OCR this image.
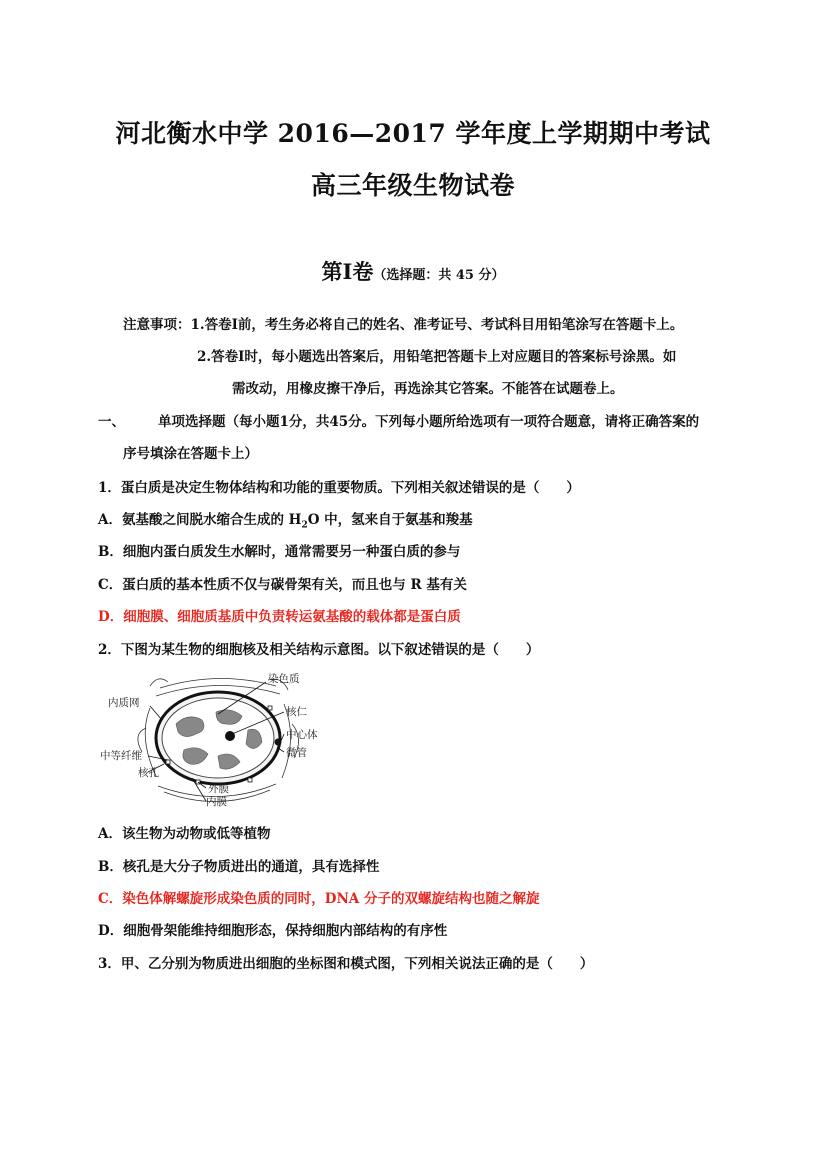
河北衡水中学 2016—2017 学年度上学期期中考试
高三年级生物试卷
第Ⅰ卷（选择题：共 45 分）
注意事项：1.答卷Ⅰ前，考生务必将自己的姓名、准考证号、考试科目用铅笔涂写在答题卡上。
2.答卷Ⅰ时，每小题选出答案后，用铅笔把答题卡上对应题目的答案标号涂黑。如
需改动，用橡皮擦干净后，再选涂其它答案。不能答在试题卷上。
一、 单项选择题（每小题1分，共45分。下列每小题所给选项有一项符合题意，请将正确答案的
序号填涂在答题卡上）
1．蛋白质是决定生物体结构和功能的重要物质。下列相关叙述错误的是（　　）
A．氨基酸之间脱水缩合生成的 $H_2O$ 中，氢来自于氨基和羧基
B．细胞内蛋白质发生水解时，通常需要另一种蛋白质的参与
C．蛋白质的基本性质不仅与碳骨架有关，而且也与 R 基有关
D．细胞膜、细胞质基质中负责转运氨基酸的载体都是蛋白质
2．下图为某生物的细胞核及相关结构示意图。以下叙述错误的是（　　）
染色质
内质网
核仁
中心体
微管
中等纤维
核孔
外膜
内膜
A．该生物为动物或低等植物
B．核孔是大分子物质进出的通道，具有选择性
C．染色体解螺旋形成染色质的同时，DNA 分子的双螺旋结构也随之解旋
D．细胞骨架能维持细胞形态，保持细胞内部结构的有序性
3．甲、乙分别为物质进出细胞的坐标图和模式图，下列相关说法正确的是（　　）
